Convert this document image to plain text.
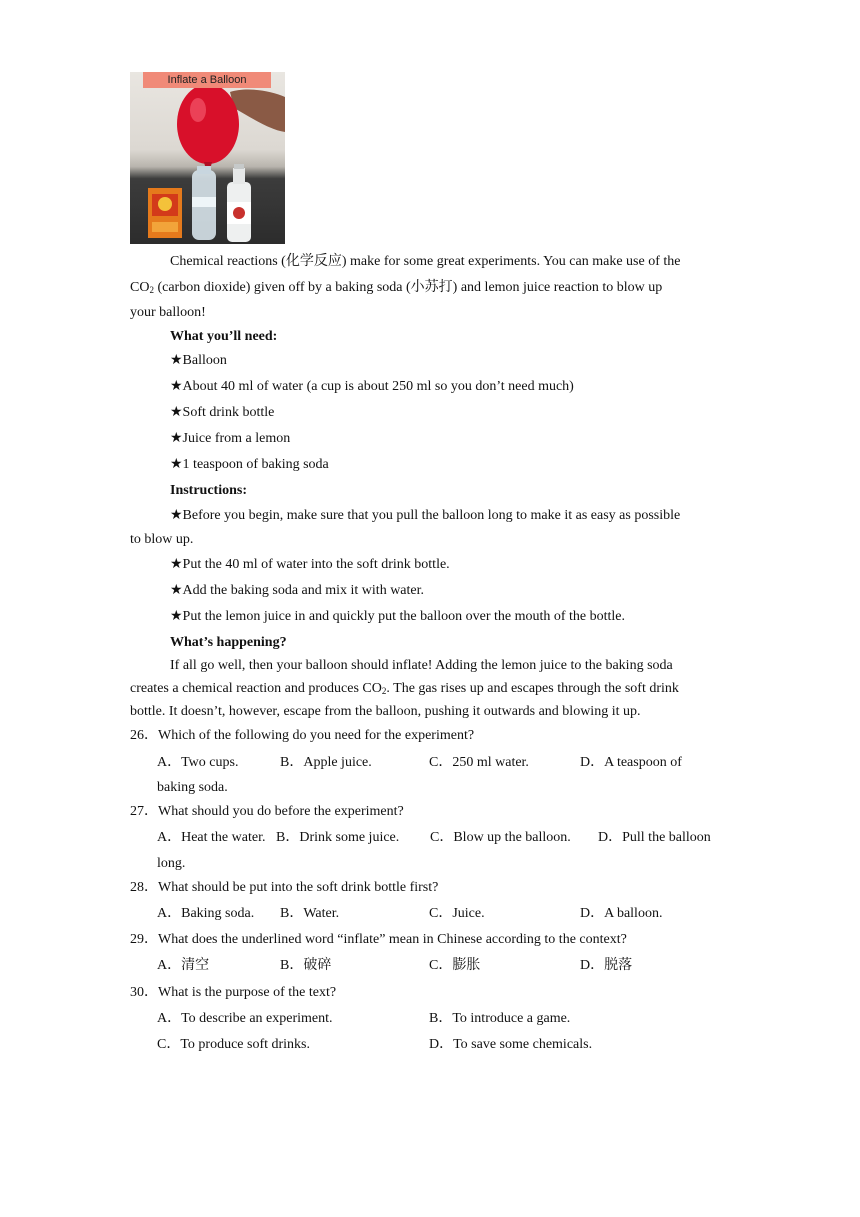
Inflate a Balloon
Chemical reactions (化学反应) make for some great experiments. You can make use of the
$CO_2$ (carbon dioxide) given off by a baking soda (小苏打) and lemon juice reaction to blow up
your balloon!
What you’ll need:
★Balloon
★About 40 ml of water (a cup is about 250 ml so you don’t need much)
★Soft drink bottle
★Juice from a lemon
★1 teaspoon of baking soda
Instructions:
★Before you begin, make sure that you pull the balloon long to make it as easy as possible
to blow up.
★Put the 40 ml of water into the soft drink bottle.
★Add the baking soda and mix it with water.
★Put the lemon juice in and quickly put the balloon over the mouth of the bottle.
What’s happening?
If all go well, then your balloon should inflate! Adding the lemon juice to the baking soda
creates a chemical reaction and produces $CO_2$. The gas rises up and escapes through the soft drink
bottle. It doesn’t, however, escape from the balloon, pushing it outwards and blowing it up.
26．Which of the following do you need for the experiment?
A．Two cups.	B．Apple juice.	C．250 ml water.	D．A teaspoon of
baking soda.
27．What should you do before the experiment?
A．Heat the water. B．Drink some juice. C．Blow up the balloon. D．Pull the balloon
long.
28．What should be put into the soft drink bottle first?
A．Baking soda. B．Water.	C．Juice.	D．A balloon.
29．What does the underlined word “inflate” mean in Chinese according to the context?
A．清空	B．破碎	C．膨胀	D．脱落
30．What is the purpose of the text?
A．To describe an experiment.	B．To introduce a game.
C．To produce soft drinks.	D．To save some chemicals.
